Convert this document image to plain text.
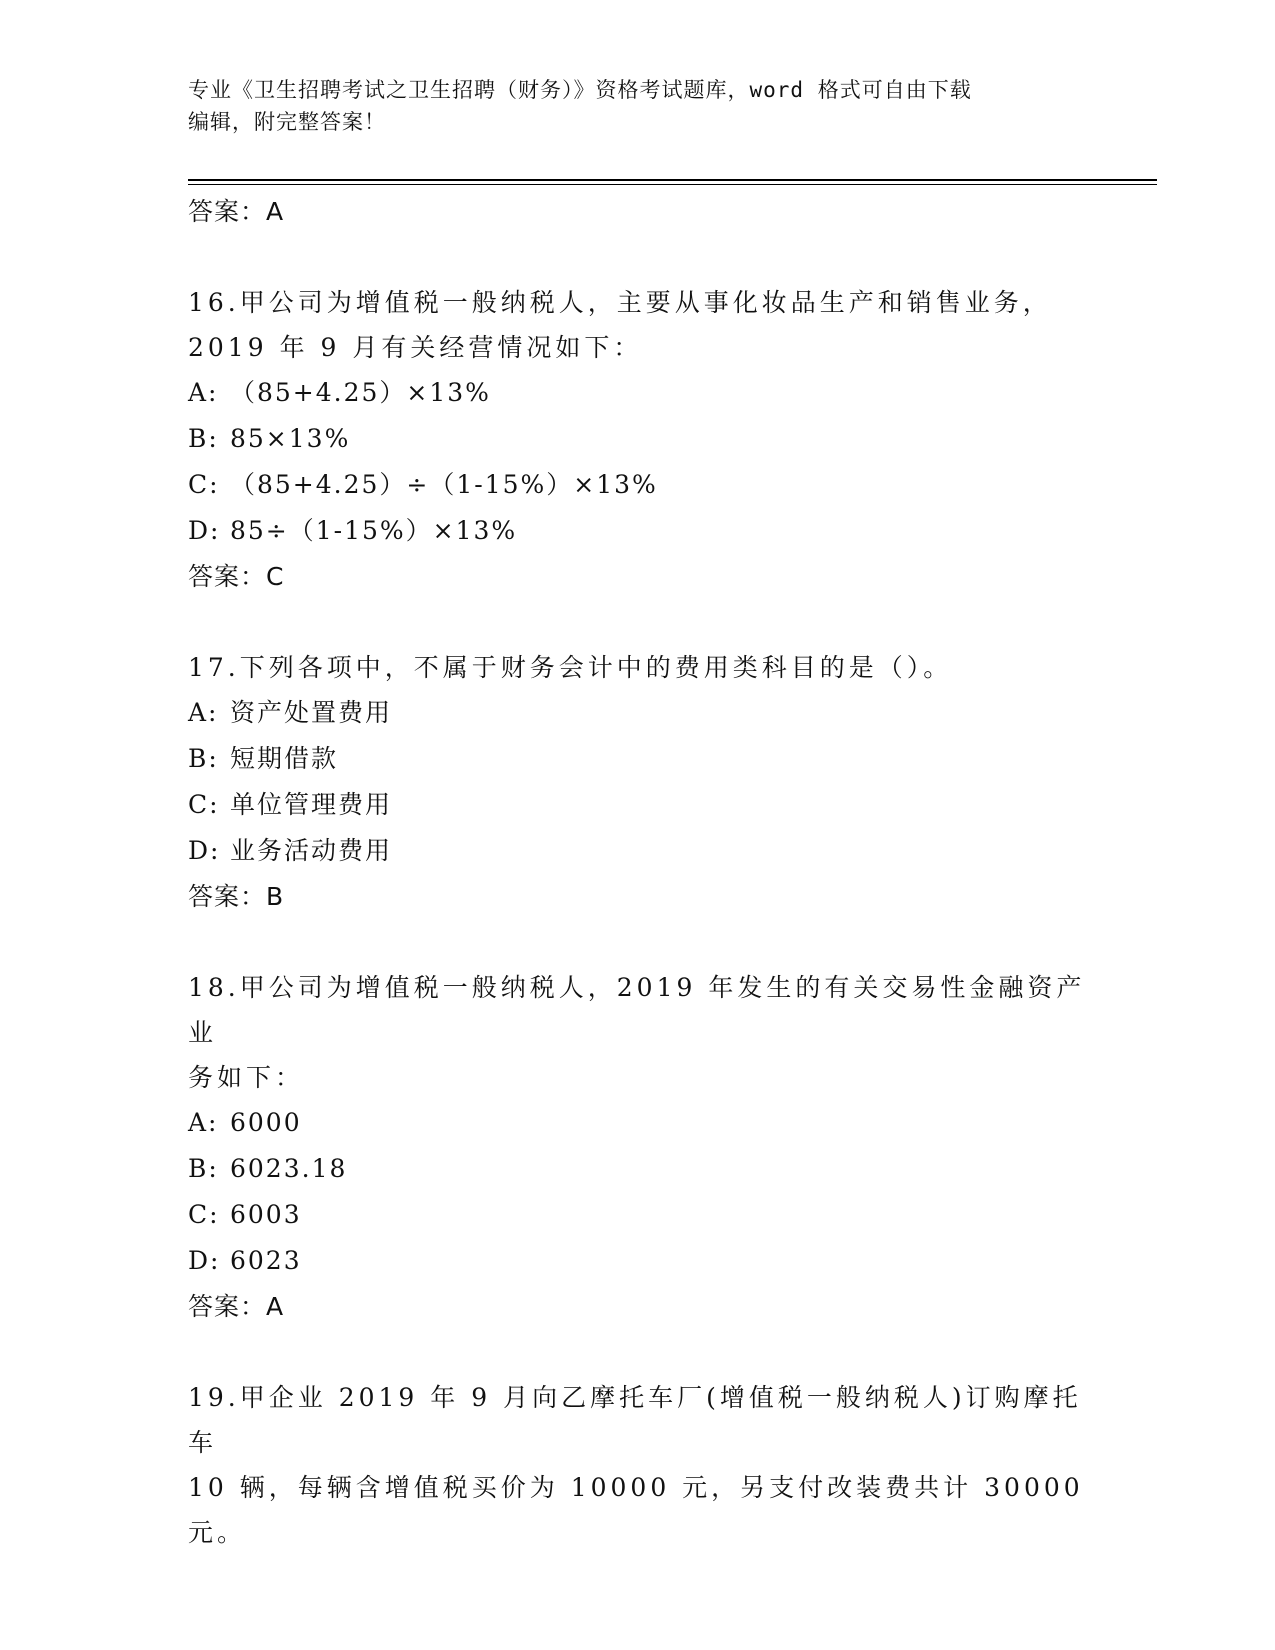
专业《卫生招聘考试之卫生招聘（财务）》资格考试题库，word 格式可自由下载
编辑，附完整答案！
答案：A
16.甲公司为增值税一般纳税人，主要从事化妆品生产和销售业务，
2019 年 9 月有关经营情况如下：
A: （85+4.25）×13%
B: 85×13%
C: （85+4.25）÷（1-15%）×13%
D: 85÷（1-15%）×13%
答案：C
17.下列各项中，不属于财务会计中的费用类科目的是（）。
A: 资产处置费用
B: 短期借款
C: 单位管理费用
D: 业务活动费用
答案：B
18.甲公司为增值税一般纳税人，2019 年发生的有关交易性金融资产业
务如下：
A: 6000
B: 6023.18
C: 6003
D: 6023
答案：A
19.甲企业 2019 年 9 月向乙摩托车厂(增值税一般纳税人)订购摩托车
10 辆，每辆含增值税买价为 10000 元，另支付改装费共计 30000 元。
